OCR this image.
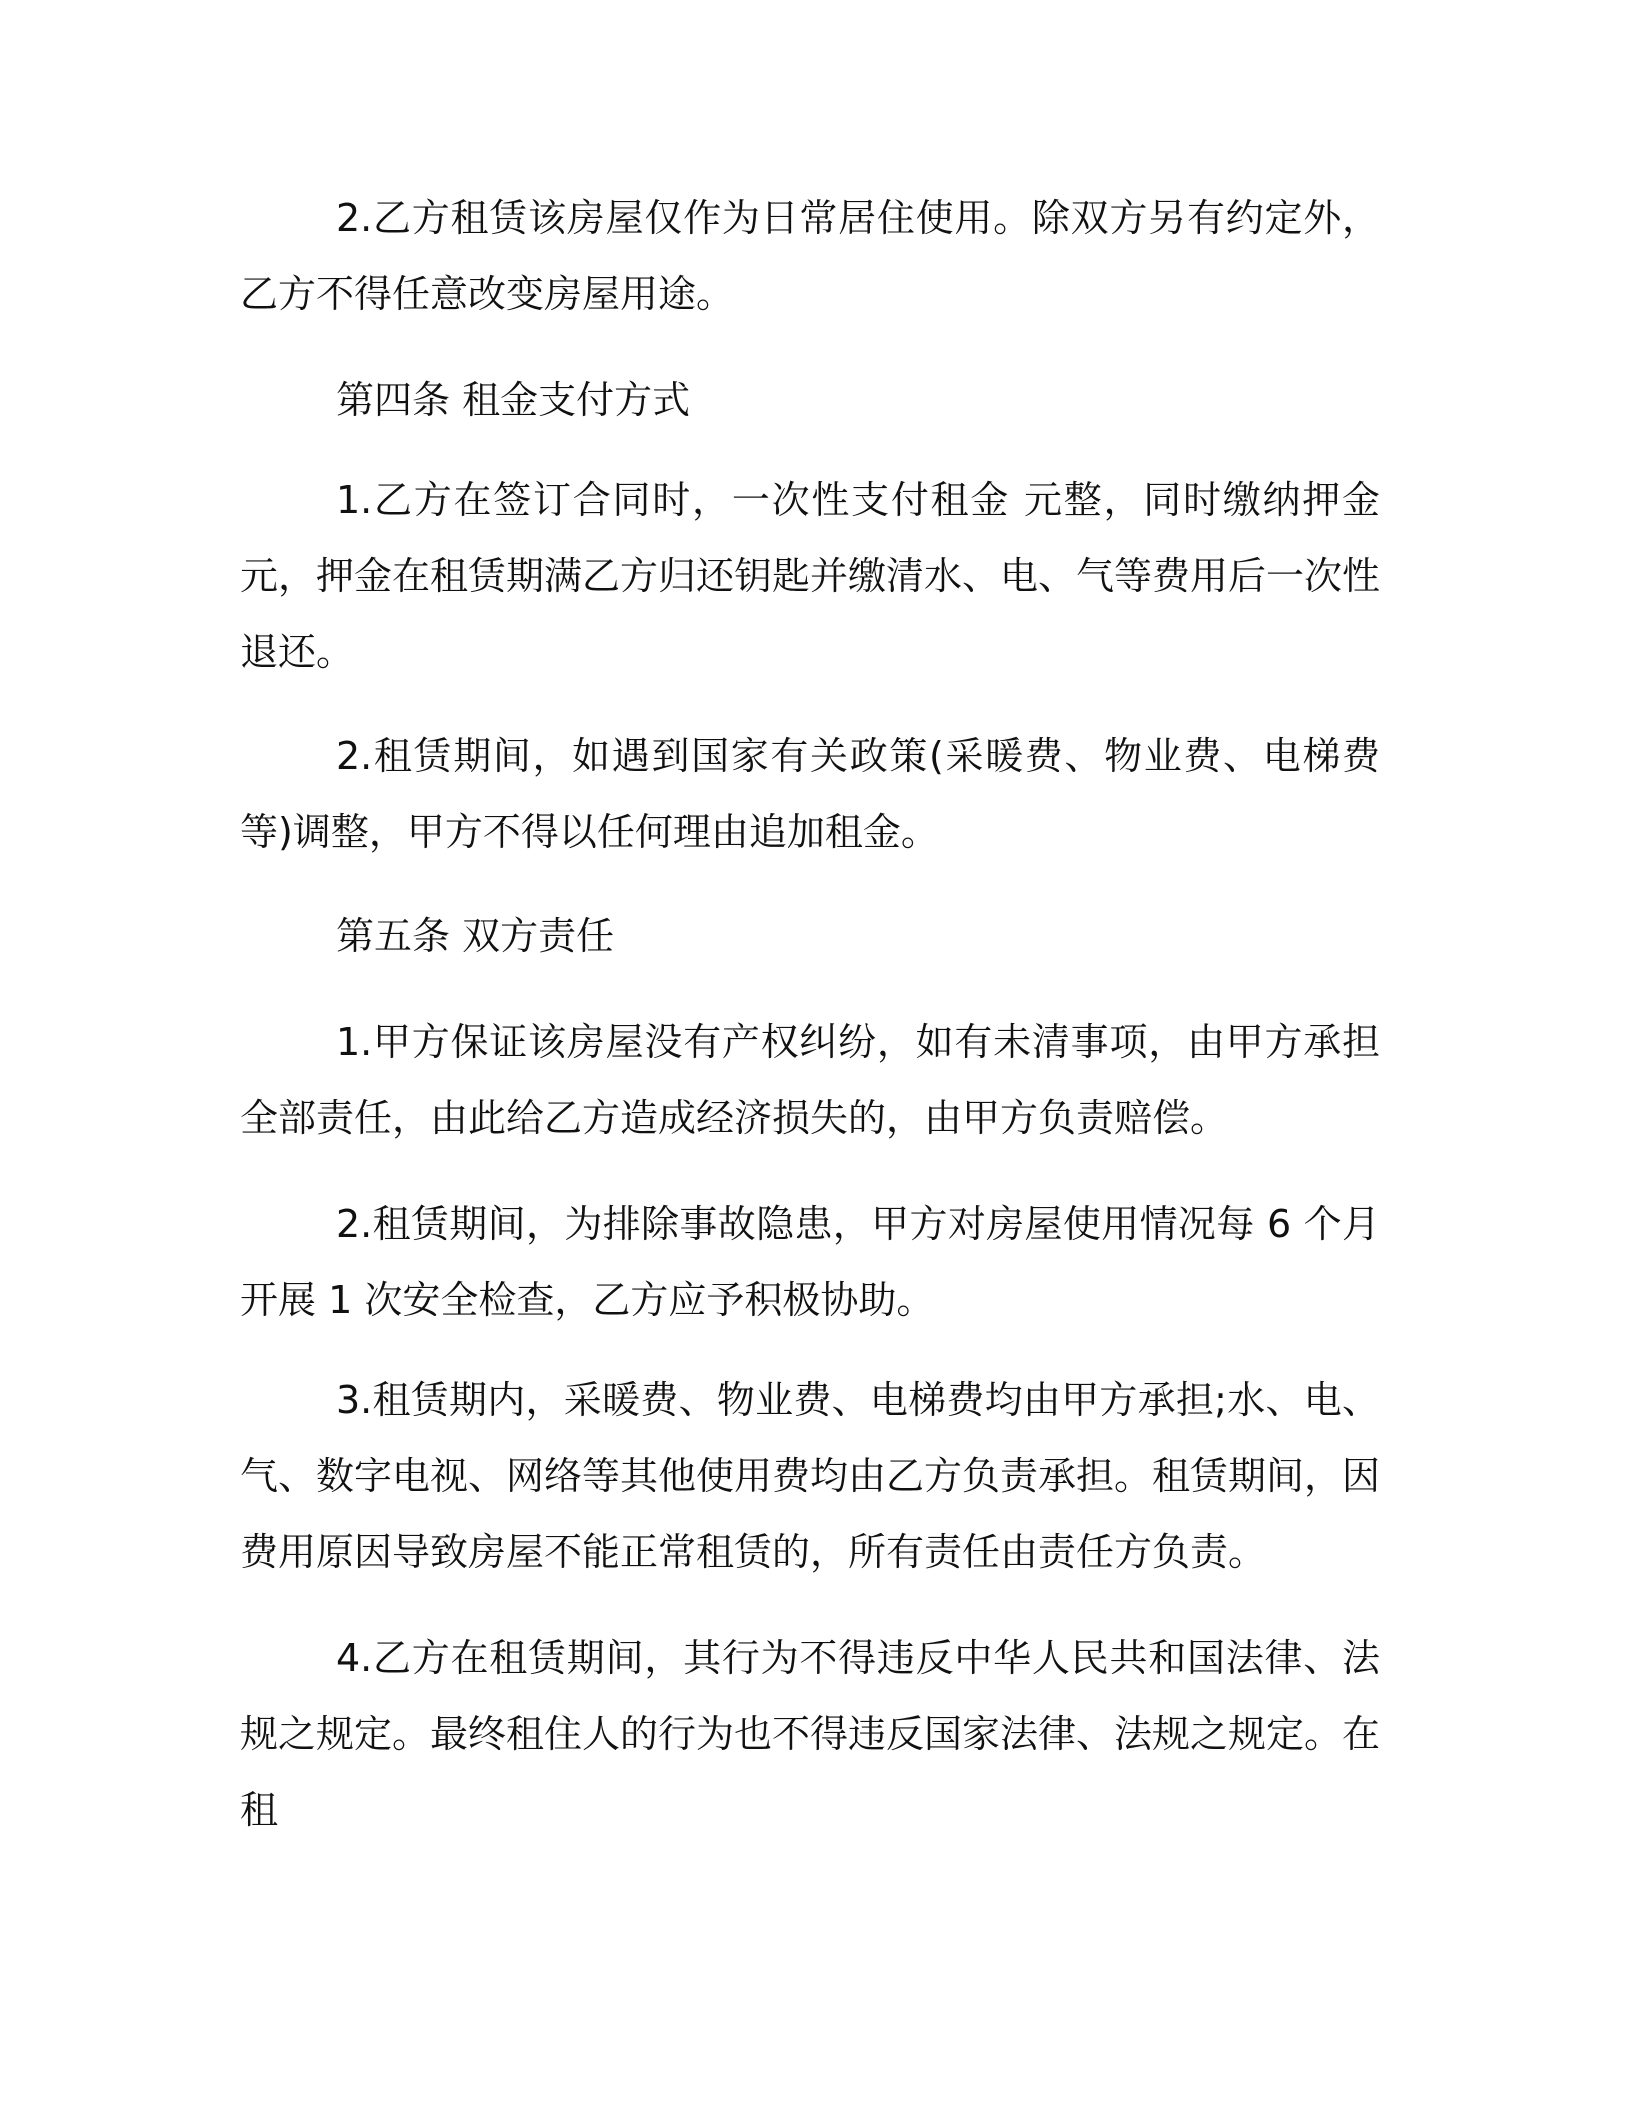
2.乙方租赁该房屋仅作为日常居住使用。除双方另有约定外，乙方不得任意改变房屋用途。

第四条 租金支付方式

1.乙方在签订合同时，一次性支付租金 元整，同时缴纳押金 元，押金在租赁期满乙方归还钥匙并缴清水、电、气等费用后一次性退还。

2.租赁期间，如遇到国家有关政策(采暖费、物业费、电梯费等)调整，甲方不得以任何理由追加租金。

第五条 双方责任

1.甲方保证该房屋没有产权纠纷，如有未清事项，由甲方承担全部责任，由此给乙方造成经济损失的，由甲方负责赔偿。

2.租赁期间，为排除事故隐患，甲方对房屋使用情况每 6 个月开展 1 次安全检查，乙方应予积极协助。

3.租赁期内，采暖费、物业费、电梯费均由甲方承担;水、电、气、数字电视、网络等其他使用费均由乙方负责承担。租赁期间，因费用原因导致房屋不能正常租赁的，所有责任由责任方负责。

4.乙方在租赁期间，其行为不得违反中华人民共和国法律、法规之规定。最终租住人的行为也不得违反国家法律、法规之规定。在租
